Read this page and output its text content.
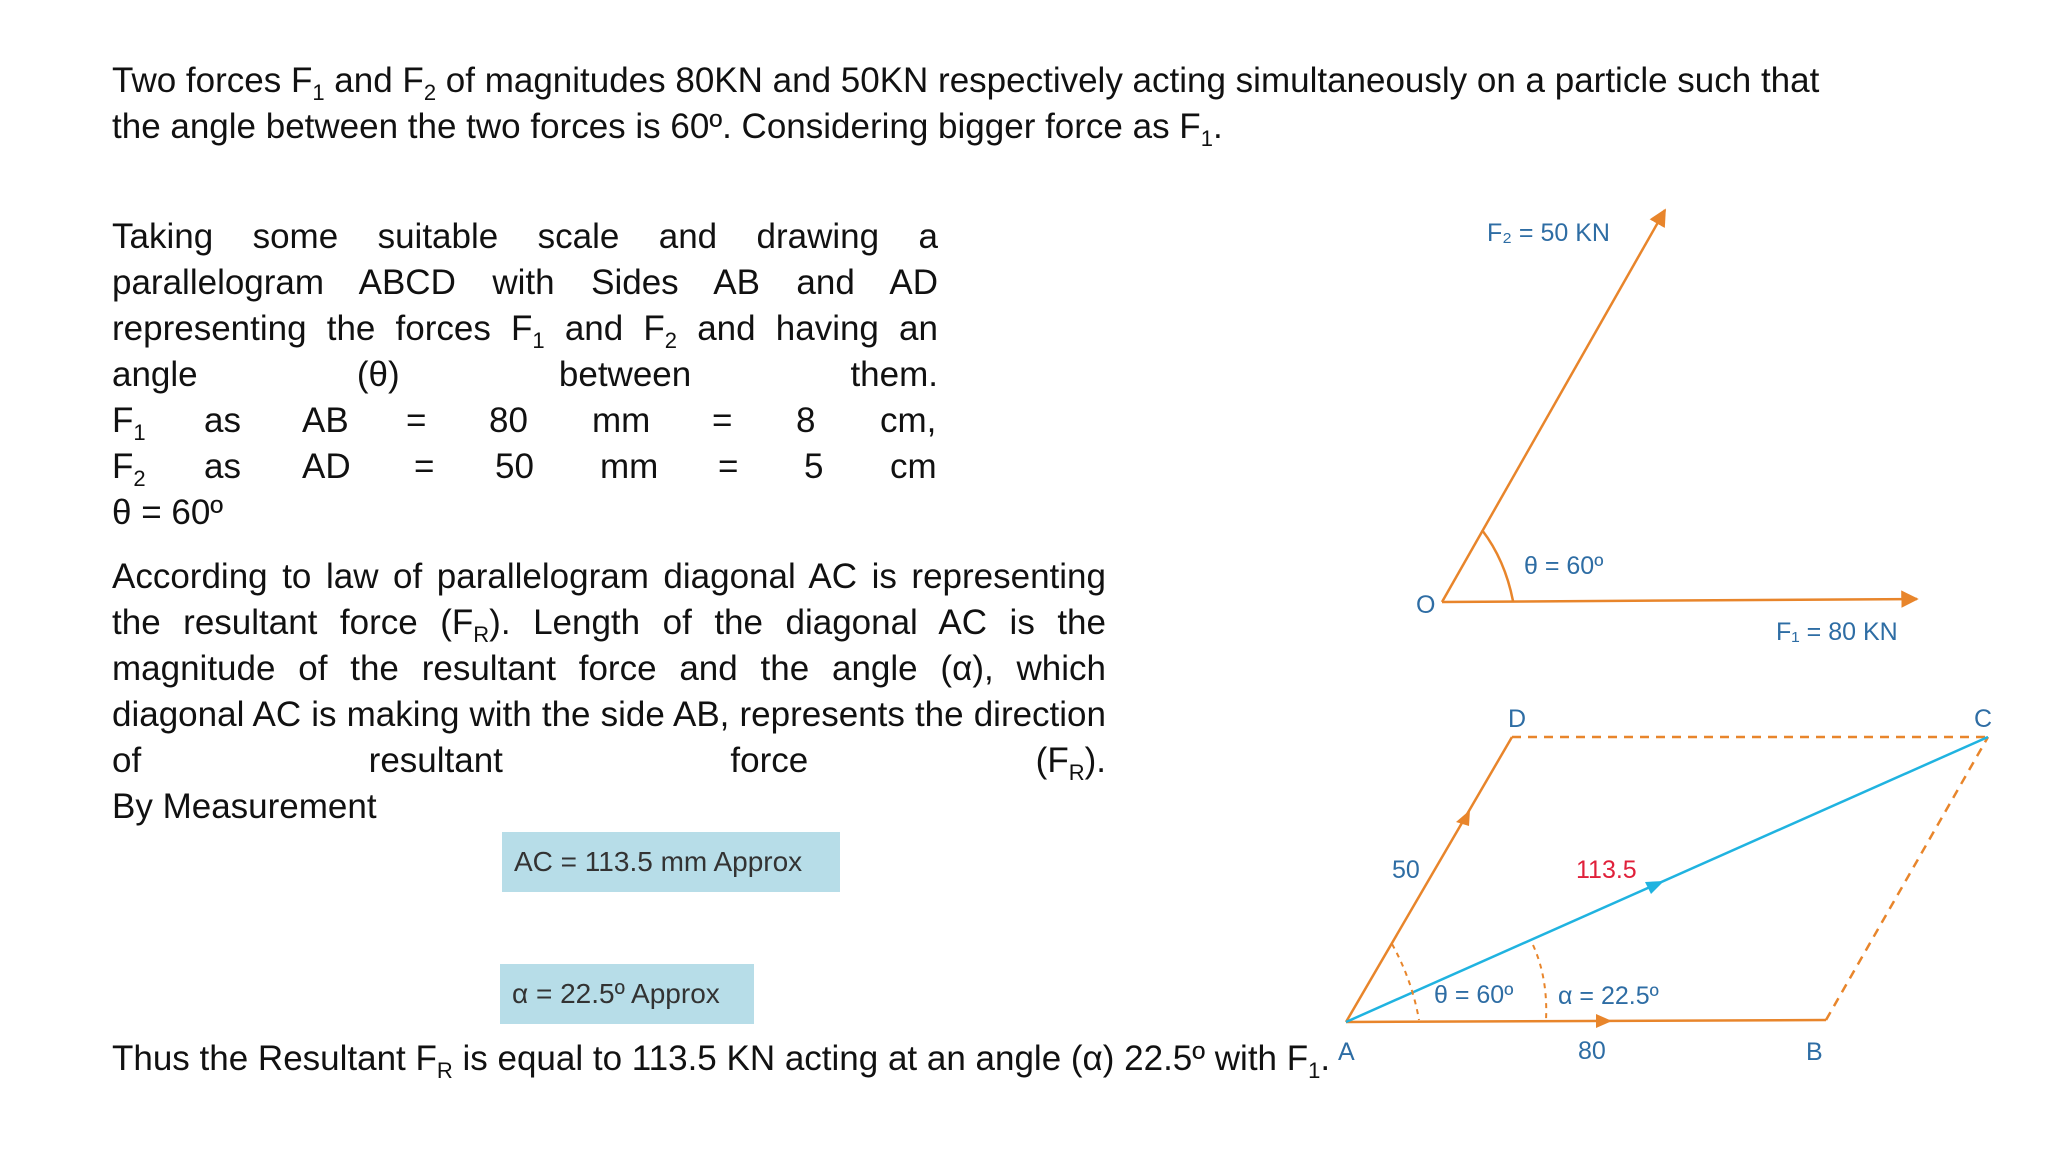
Two forces $F_1$ and $F_2$ of magnitudes 80KN and 50KN respectively acting simultaneously on a particle such that the angle between the two forces is 60º. Considering bigger force as $F_1$.
Taking some suitable scale and drawing a parallelogram ABCD with Sides AB and AD representing the forces $F_1$ and $F_2$ and having an angle (θ) between them.
$F_1$ as AB = 80 mm = 8 cm,
$F_2$ as AD = 50 mm = 5 cm
θ = 60º
According to law of parallelogram diagonal AC is representing the resultant force $(F_R)$. Length of the diagonal AC is the magnitude of the resultant force and the angle (α), which diagonal AC is making with the side AB, represents the direction of resultant force $(F_R)$.
By Measurement
AC = 113.5 mm Approx
α = 22.5º Approx
Thus the Resultant $F_R$ is equal to 113.5 KN acting at an angle (α) 22.5º with $F_1$.
F₂ = 50 KN
θ = 60º
O
F₁ = 80 KN
A	B
C
D
50	113.5
θ = 60º α = 22.5º
80
